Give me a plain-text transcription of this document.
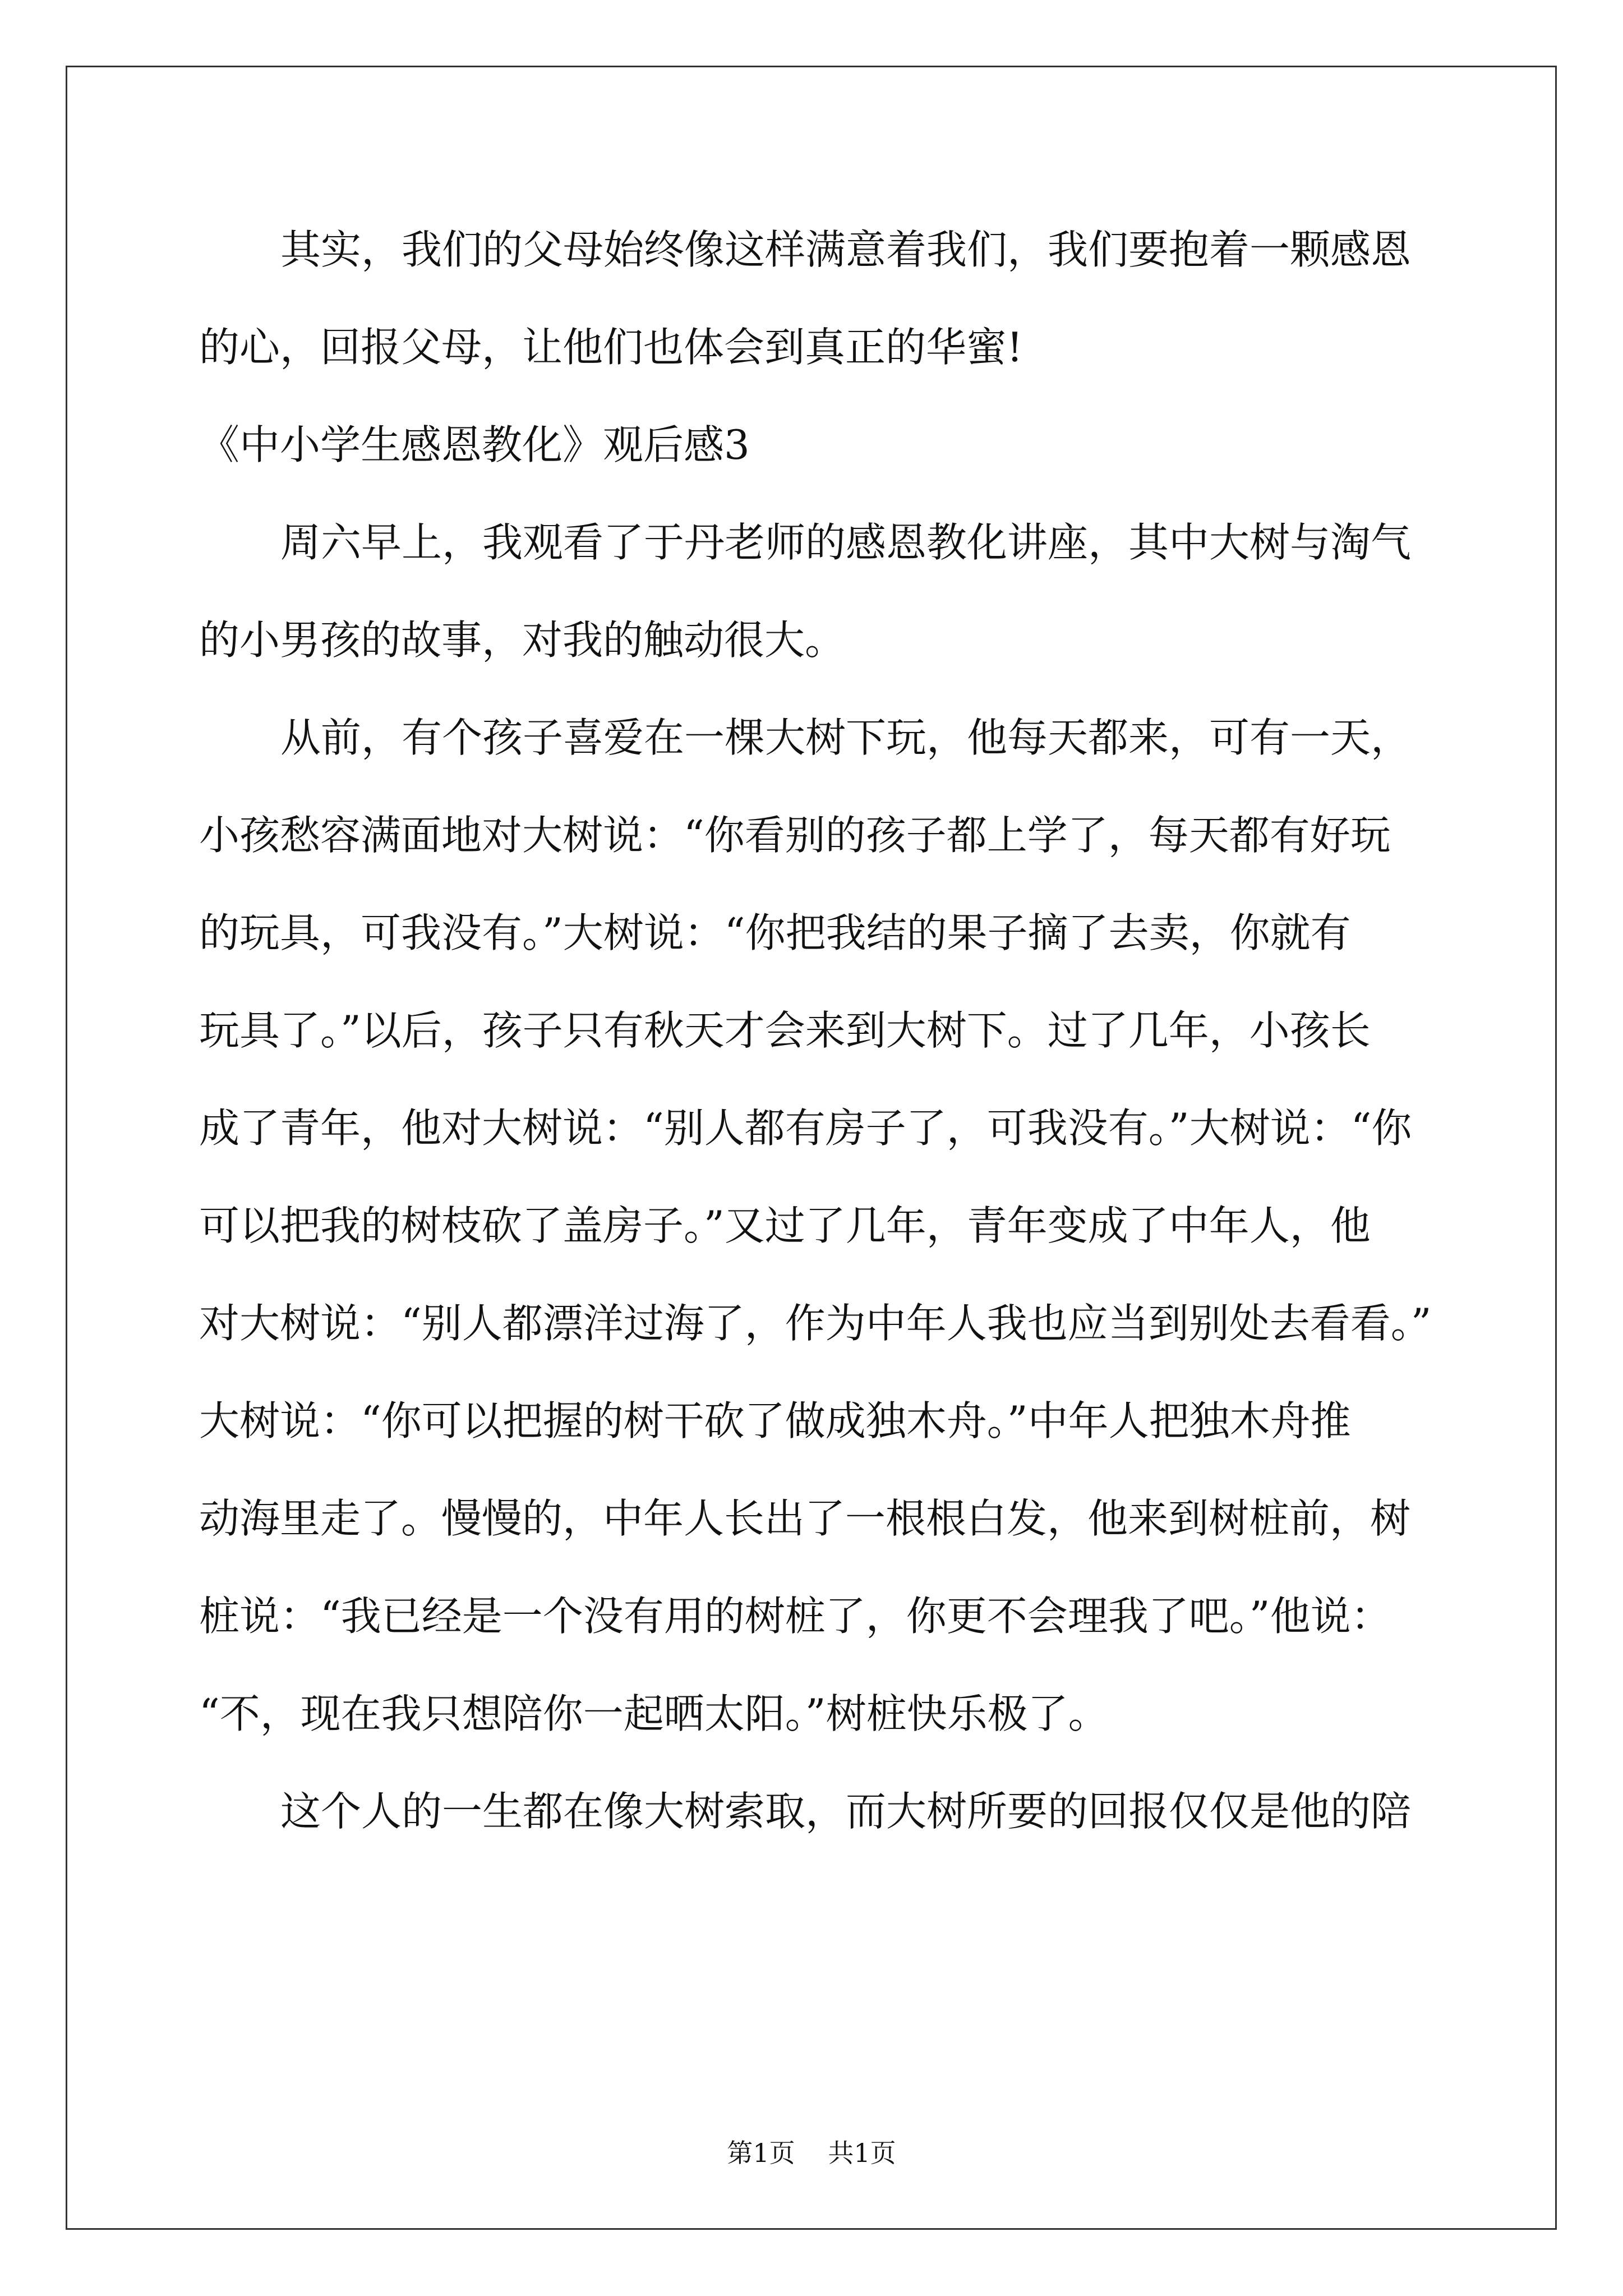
其实，我们的父母始终像这样满意着我们，我们要抱着一颗感恩
的心，回报父母，让他们也体会到真正的华蜜!
《中小学生感恩教化》观后感3
周六早上，我观看了于丹老师的感恩教化讲座，其中大树与淘气
的小男孩的故事，对我的触动很大。
从前，有个孩子喜爱在一棵大树下玩，他每天都来，可有一天，
小孩愁容满面地对大树说：“你看别的孩子都上学了，每天都有好玩
的玩具，可我没有。”大树说：“你把我结的果子摘了去卖，你就有
玩具了。”以后，孩子只有秋天才会来到大树下。过了几年，小孩长
成了青年，他对大树说：“别人都有房子了，可我没有。”大树说：“你
可以把我的树枝砍了盖房子。”又过了几年，青年变成了中年人，他
对大树说：“别人都漂洋过海了，作为中年人我也应当到别处去看看。”
大树说：“你可以把握的树干砍了做成独木舟。”中年人把独木舟推
动海里走了。慢慢的，中年人长出了一根根白发，他来到树桩前，树
桩说：“我已经是一个没有用的树桩了，你更不会理我了吧。”他说：
“不，现在我只想陪你一起晒太阳。”树桩快乐极了。
这个人的一生都在像大树索取，而大树所要的回报仅仅是他的陪
第1页 共1页
